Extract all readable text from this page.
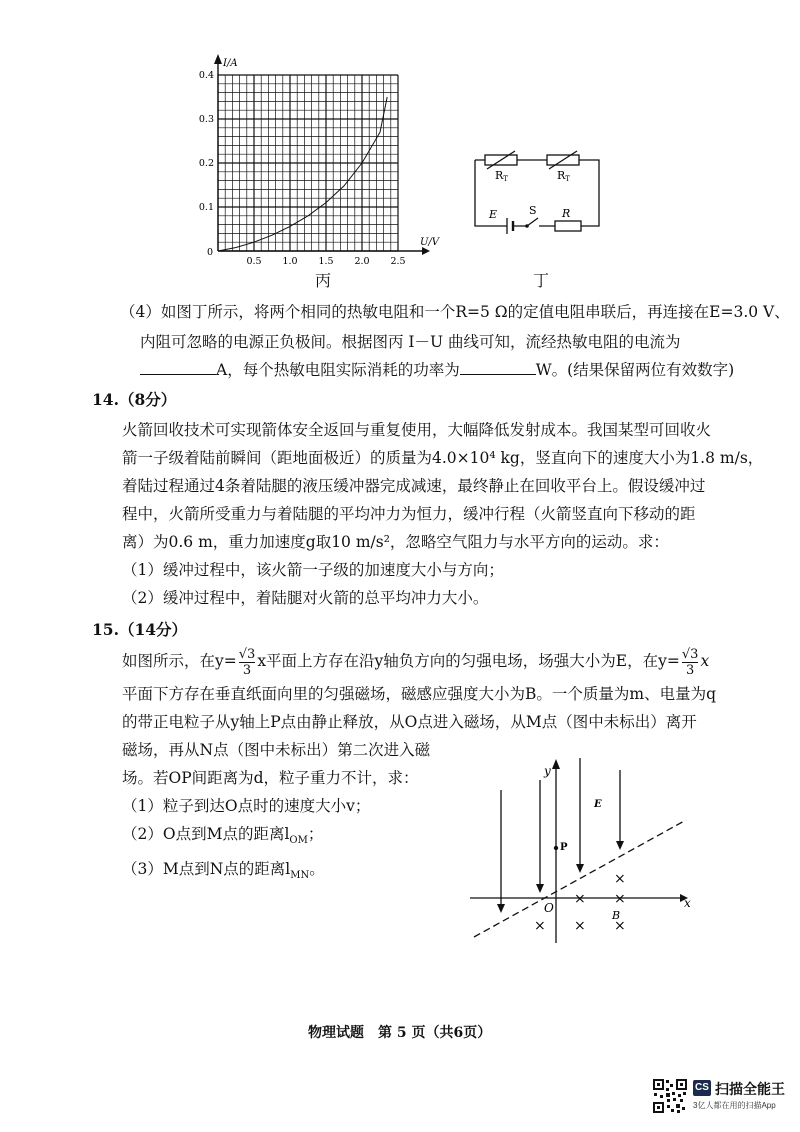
I/A
U/V
0
0.5 1.0 1.5 2.0 2.5
0.1
0.2
0.3
0.4
丙
RT	RT
E	S R
丁
（4）如图丁所示，将两个相同的热敏电阻和一个R=5 Ω的定值电阻串联后，再连接在E=3.0 V、
内阻可忽略的电源正负极间。根据图丙 I－U 曲线可知，流经热敏电阻的电流为
A，每个热敏电阻实际消耗的功率为	W。(结果保留两位有效数字)
14.（8分）
火箭回收技术可实现箭体安全返回与重复使用，大幅降低发射成本。我国某型可回收火
箭一子级着陆前瞬间（距地面极近）的质量为4.0×10⁴ kg，竖直向下的速度大小为1.8 m/s，
着陆过程通过4条着陆腿的液压缓冲器完成减速，最终静止在回收平台上。假设缓冲过
程中，火箭所受重力与着陆腿的平均冲力为恒力，缓冲行程（火箭竖直向下移动的距
离）为0.6 m，重力加速度g取10 m/s²，忽略空气阻力与水平方向的运动。求：
（1）缓冲过程中，该火箭一子级的加速度大小与方向；
（2）缓冲过程中，着陆腿对火箭的总平均冲力大小。
15.（14分）
如图所示，在$y= \frac{√3}{3}$ x平面上方存在沿y轴负方向的匀强电场，场强大小为E，在$y= \frac{√3}{3}$ x
平面下方存在垂直纸面向里的匀强磁场，磁感应强度大小为B。一个质量为m、电量为q
的带正电粒子从y轴上P点由静止释放，从O点进入磁场，从M点（图中未标出）离开
磁场，再从N点（图中未标出）第二次进入磁
场。若OP间距离为d，粒子重力不计，求：
（1）粒子到达O点时的速度大小v；
（2）O点到M点的距离$l_{OM}$；
（3）M点到N点的距离$l_{MN}$。
y
x
P
E
O
B
×
× ×
× × ×
物理试题　第 5 页（共6页）
CS 扫描全能王
3亿人都在用的扫描App
